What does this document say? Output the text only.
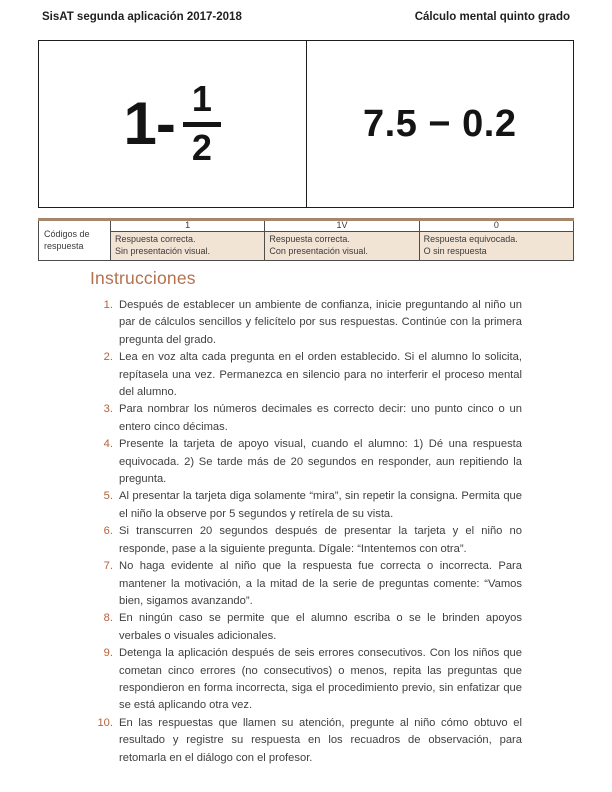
SisAT segunda aplicación 2017-2018	Cálculo mental quinto grado
$1- \frac{1}{2}$	7.5 − 0.2
Códigos de respuesta	1	1V	0

Respuesta correcta.
Sin presentación visual.

Respuesta correcta.
Con presentación visual.

Respuesta equivocada.
O sin respuesta
Instrucciones
1. Después de establecer un ambiente de confianza, inicie preguntando al niño un par de cálculos sencillos y felicítelo por sus respuestas. Continúe con la primera pregunta del grado.
2. Lea en voz alta cada pregunta en el orden establecido. Si el alumno lo solicita, repítasela una vez. Permanezca en silencio para no interferir el proceso mental del alumno.
3. Para nombrar los números decimales es correcto decir: uno punto cinco o un entero cinco décimas.
4. Presente la tarjeta de apoyo visual, cuando el alumno: 1) Dé una respuesta equivocada. 2) Se tarde más de 20 segundos en responder, aun repitiendo la pregunta.
5. Al presentar la tarjeta diga solamente “mira”, sin repetir la consigna. Permita que el niño la observe por 5 segundos y retírela de su vista.
6. Si transcurren 20 segundos después de presentar la tarjeta y el niño no responde, pase a la siguiente pregunta. Dígale: “Intentemos con otra”.
7. No haga evidente al niño que la respuesta fue correcta o incorrecta. Para mantener la motivación, a la mitad de la serie de preguntas comente: “Vamos bien, sigamos avanzando”.
8. En ningún caso se permite que el alumno escriba o se le brinden apoyos verbales o visuales adicionales.
9. Detenga la aplicación después de seis errores consecutivos. Con los niños que cometan cinco errores (no consecutivos) o menos, repita las preguntas que respondieron en forma incorrecta, siga el procedimiento previo, sin enfatizar que se está aplicando otra vez.
10. En las respuestas que llamen su atención, pregunte al niño cómo obtuvo el resultado y registre su respuesta en los recuadros de observación, para retomarla en el diálogo con el profesor.
